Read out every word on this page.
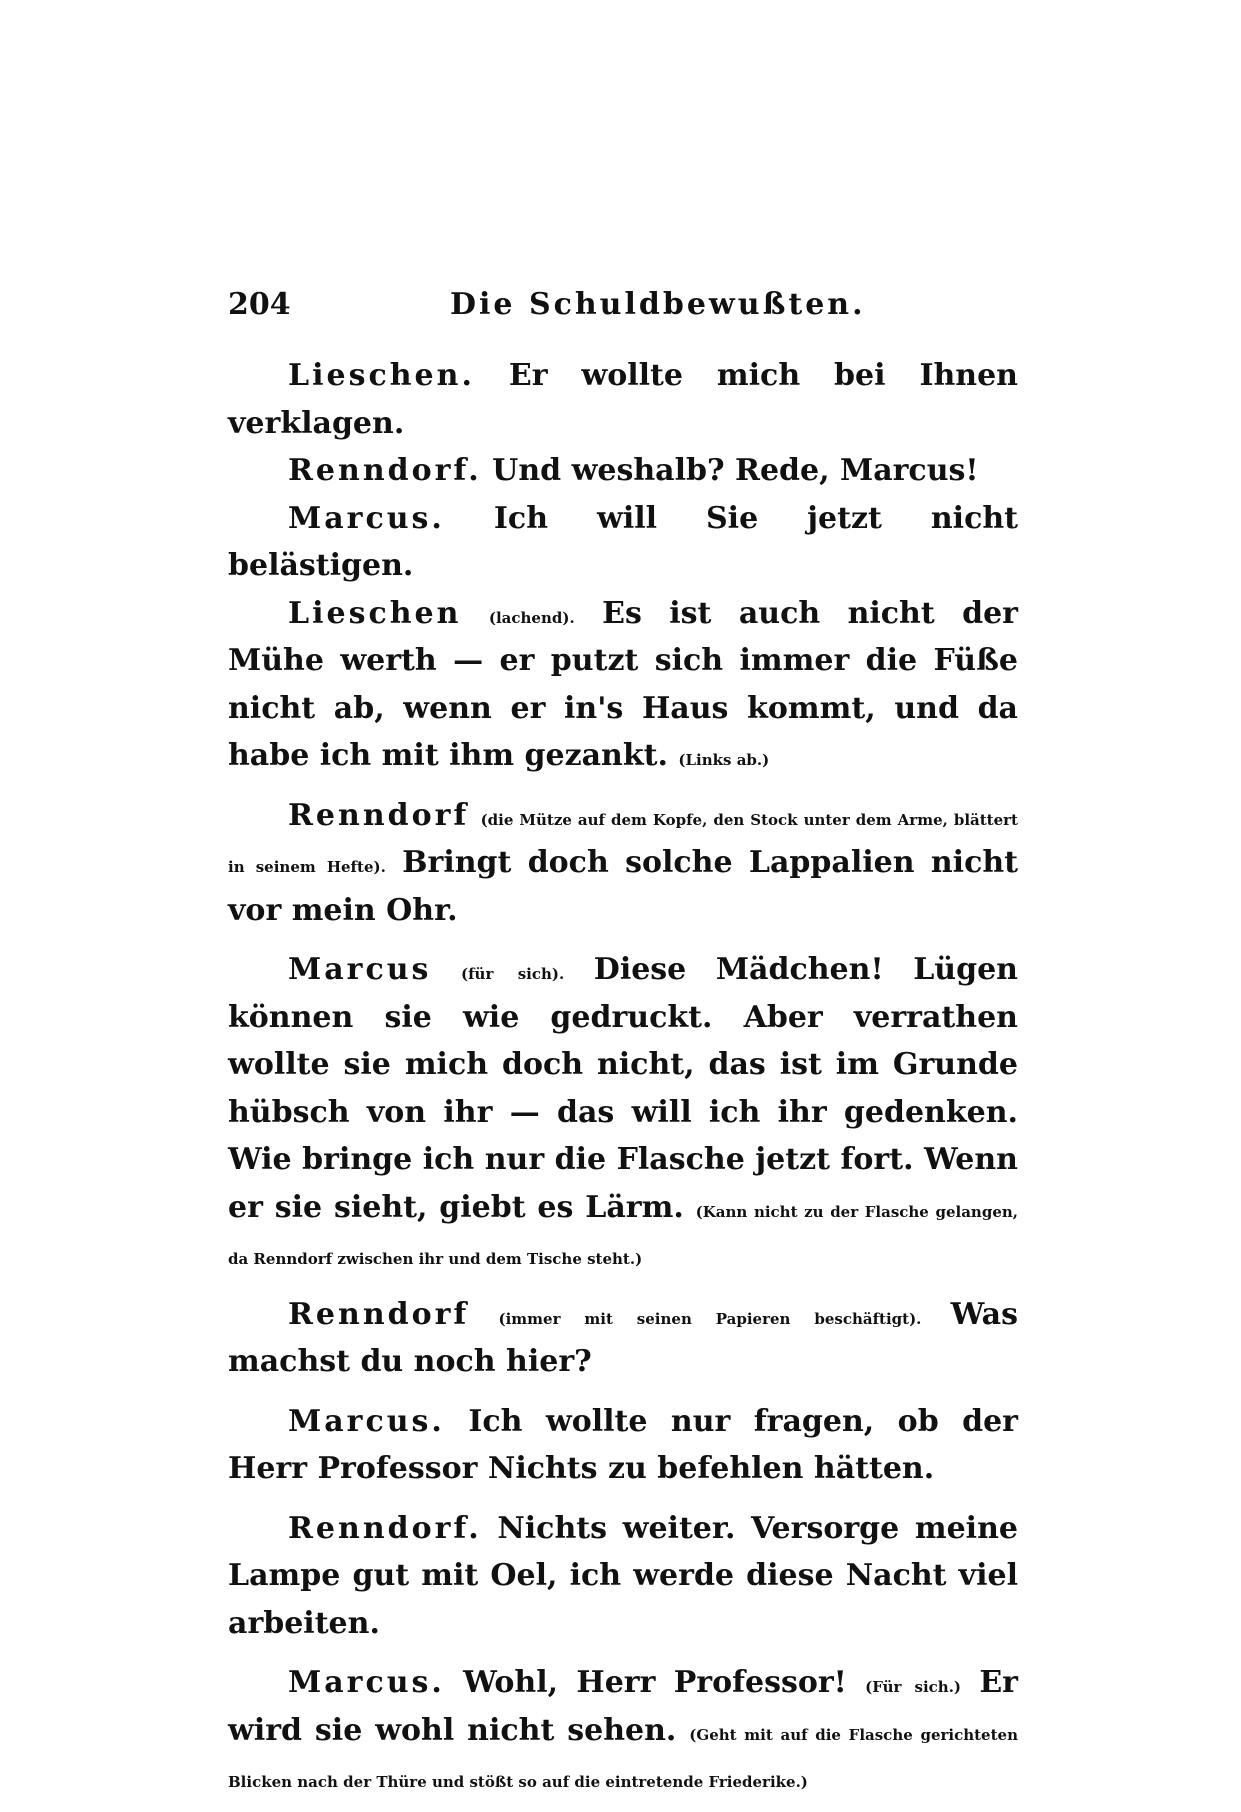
204	Die Schuldbewußten.

Lieschen. Er wollte mich bei Ihnen verklagen.

Renndorf. Und weshalb? Rede, Marcus!

Marcus. Ich will Sie jetzt nicht belästigen.

Lieschen (lachend). Es ist auch nicht der Mühe werth — er putzt sich immer die Füße nicht ab, wenn er in's Haus kommt, und da habe ich mit ihm gezankt. (Links ab.)

Renndorf (die Mütze auf dem Kopfe, den Stock unter dem Arme, blättert in seinem Hefte). Bringt doch solche Lappalien nicht vor mein Ohr.

Marcus (für sich). Diese Mädchen! Lügen können sie wie gedruckt. Aber verrathen wollte sie mich doch nicht, das ist im Grunde hübsch von ihr — das will ich ihr gedenken. Wie bringe ich nur die Flasche jetzt fort. Wenn er sie sieht, giebt es Lärm. (Kann nicht zu der Flasche gelangen, da Renndorf zwischen ihr und dem Tische steht.)

Renndorf (immer mit seinen Papieren beschäftigt). Was machst du noch hier?

Marcus. Ich wollte nur fragen, ob der Herr Professor Nichts zu befehlen hätten.

Renndorf. Nichts weiter. Versorge meine Lampe gut mit Oel, ich werde diese Nacht viel arbeiten.

Marcus. Wohl, Herr Professor! (Für sich.) Er wird sie wohl nicht sehen. (Geht mit auf die Flasche gerichteten Blicken nach der Thüre und stößt so auf die eintretende Friederike.)
